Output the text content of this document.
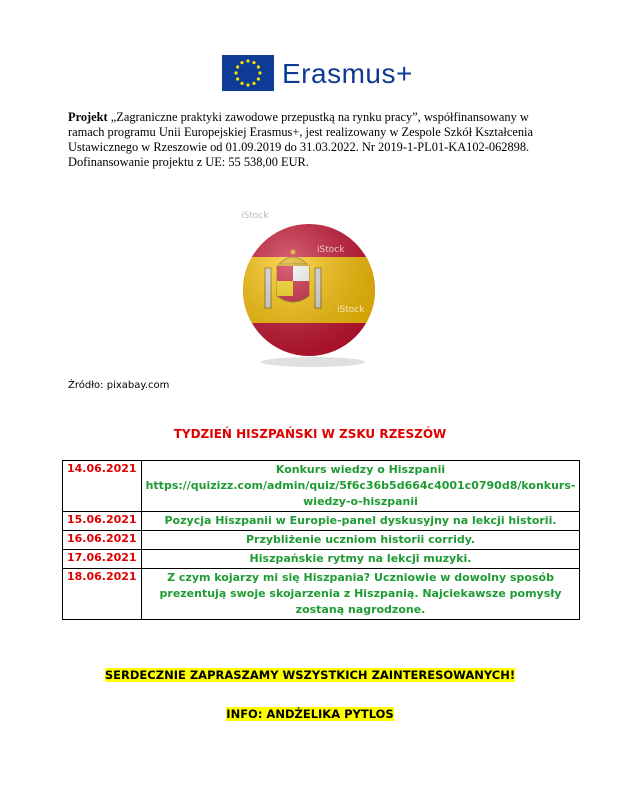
Erasmus+
Projekt „Zagraniczne praktyki zawodowe przepustką na rynku pracy”, współfinansowany w ramach programu Unii Europejskiej Erasmus+, jest realizowany w Zespole Szkół Kształcenia Ustawicznego w Rzeszowie od 01.09.2019 do 31.03.2022. Nr 2019-1-PL01-KA102-062898. Dofinansowanie projektu z UE: 55 538,00 EUR.
iStock
iStock
iStock
Źródło: pixabay.com
TYDZIEŃ HISZPAŃSKI W ZSKU RZESZÓW
14.06.2021	Konkurs wiedzy o Hiszpanii
https://quizizz.com/admin/quiz/5f6c36b5d664c4001c0790d8/konkurs-
wiedzy-o-hiszpanii

15.06.2021	Pozycja Hiszpanii w Europie-panel dyskusyjny na lekcji historii.

16.06.2021	Przybliżenie uczniom historii corridy.

17.06.2021	Hiszpańskie rytmy na lekcji muzyki.

18.06.2021	Z czym kojarzy mi się Hiszpania? Uczniowie w dowolny sposób
prezentują swoje skojarzenia z Hiszpanią. Najciekawsze pomysły
zostaną nagrodzone.
SERDECZNIE ZAPRASZAMY WSZYSTKICH ZAINTERESOWANYCH!
INFO: ANDŻELIKA PYTLOS
